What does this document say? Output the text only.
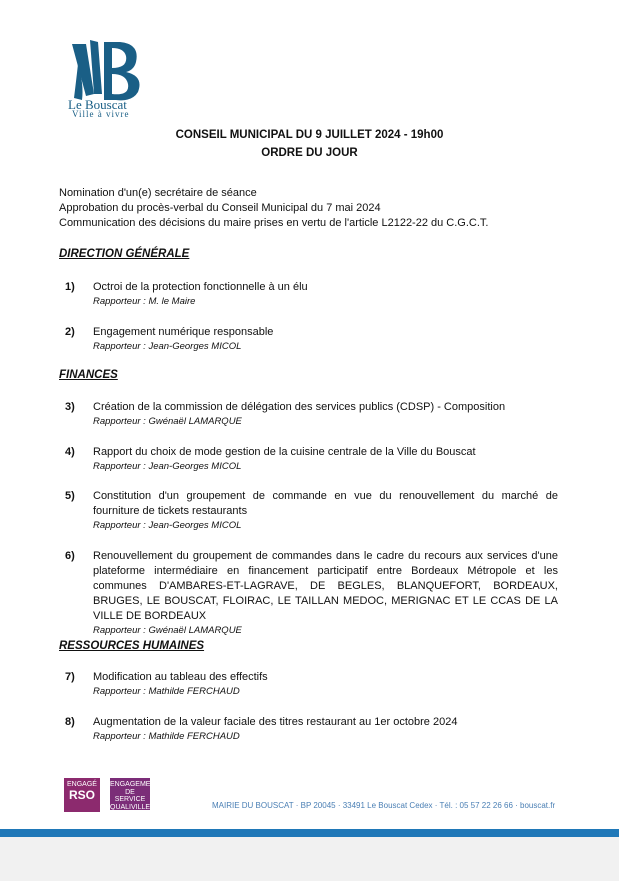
Le Bouscat
Ville à vivre
CONSEIL MUNICIPAL DU 9 JUILLET 2024 - 19h00
ORDRE DU JOUR
Nomination d'un(e) secrétaire de séance
Approbation du procès-verbal du Conseil Municipal du 7 mai 2024
Communication des décisions du maire prises en vertu de l'article L2122-22 du C.G.C.T.
DIRECTION GÉNÉRALE
1) Octroi de la protection fonctionnelle à un élu
Rapporteur : M. le Maire
2) Engagement numérique responsable
Rapporteur : Jean-Georges MICOL
FINANCES
3) Création de la commission de délégation des services publics (CDSP) - Composition
Rapporteur : Gwénaël LAMARQUE
4) Rapport du choix de mode gestion de la cuisine centrale de la Ville du Bouscat
Rapporteur : Jean-Georges MICOL
5) Constitution d'un groupement de commande en vue du renouvellement du marché de fourniture de tickets restaurants
Rapporteur : Jean-Georges MICOL
6) Renouvellement du groupement de commandes dans le cadre du recours aux services d'une plateforme intermédiaire en financement participatif entre Bordeaux Métropole et les communes D'AMBARES-ET-LAGRAVE, DE BEGLES, BLANQUEFORT, BORDEAUX, BRUGES, LE BOUSCAT, FLOIRAC, LE TAILLAN MEDOC, MERIGNAC ET LE CCAS DE LA VILLE DE BORDEAUX
Rapporteur : Gwénaël LAMARQUE
RESSOURCES HUMAINES
7) Modification au tableau des effectifs
Rapporteur : Mathilde FERCHAUD
8) Augmentation de la valeur faciale des titres restaurant au 1er octobre 2024
Rapporteur : Mathilde FERCHAUD
ENGAGÉ
RSO
ENGAGEMENT DE SERVICE QUALIVILLES	MAIRIE DU BOUSCAT · BP 20045 · 33491 Le Bouscat Cedex · Tél. : 05 57 22 26 66 · bouscat.fr
